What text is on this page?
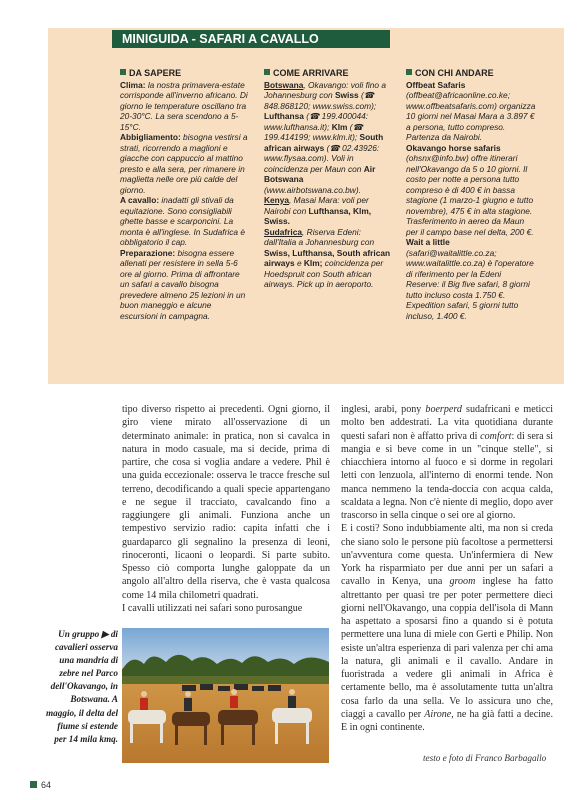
MINIGUIDA - SAFARI A CAVALLO
DA SAPERE

Clima: la nostra primavera-estate corrisponde all'inverno africano. Di giorno le temperature oscillano tra 20-30°C. La sera scendono a 5-15°C.

Abbigliamento: bisogna vestirsi a strati, ricorrendo a maglioni e giacche con cappuccio al mattino presto e alla sera, per rimanere in maglietta nelle ore più calde del giorno.

A cavallo: inadatti gli stivali da equitazione. Sono consigliabili ghette basse e scarponcini. La monta è all'inglese. In Sudafrica è obbligatorio il cap.

Preparazione: bisogna essere allenati per resistere in sella 5-6 ore al giorno. Prima di affrontare un safari a cavallo bisogna prevedere almeno 25 lezioni in un buon maneggio e alcune escursioni in campagna.

COME ARRIVARE

Botswana, Okavango: voli fino a Johannesburg con Swiss (☎ 848.868120; www.swiss.com); Lufthansa (☎ 199.400044: www.lufthansa.it); Klm (☎ 199.414199; www.klm.it); South african airways (☎ 02.43926: www.flysaa.com). Voli in coincidenza per Maun con Air Botswana (www.airbotswana.co.bw).

Kenya, Masai Mara: voli per Nairobi con Lufthansa, Klm, Swiss.

Sudafrica, Riserva Edeni: dall'Italia a Johannesburg con Swiss, Lufthansa, South african airways e Klm; coincidenza per Hoedspruit con South african airways. Pick up in aeroporto.

CON CHI ANDARE

Offbeat Safaris (offbeat@africaonline.co.ke; www.offbeatsafaris.com) organizza 10 giorni nel Masai Mara a 3.897 € a persona, tutto compreso. Partenza da Nairobi.

Okavango horse safaris (ohsnx@info.bw) offre itinerari nell'Okavango da 5 o 10 giorni. Il costo per notte a persona tutto compreso è di 400 € in bassa stagione (1 marzo-1 giugno e tutto novembre), 475 € in alta stagione. Trasferimento in aereo da Maun per il campo base nel delta, 200 €.

Wait a little (safari@waitalittle.co.za; www.waitalittle.co.za) è l'operatore di riferimento per la Edeni Reserve: il Big five safari, 8 giorni tutto incluso costa 1.750 €. Expedition safari, 5 giorni tutto incluso, 1.400 €.

tipo diverso rispetto ai precedenti. Ogni giorno, il giro viene mirato all'osservazione di un determinato animale: in pratica, non si cavalca in natura in modo casuale, ma si decide, prima di partire, che cosa si voglia andare a vedere. Phil è una guida eccezionale: osserva le tracce fresche sul terreno, decodificando a quali specie appartengano e ne segue il tracciato, cavalcando fino a raggiungere gli animali. Funziona anche un tempestivo servizio radio: capita infatti che i guardaparco gli segnalino la presenza di leoni, rinoceronti, licaoni o leopardi. Si parte subito. Spesso ciò comporta lunghe galoppate da un angolo all'altro della riserva, che è vasta qualcosa come 14 mila chilometri quadrati.

I cavalli utilizzati nei safari sono purosangue

inglesi, arabi, pony boerperd sudafricani e meticci molto ben addestrati. La vita quotidiana durante questi safari non è affatto priva di comfort: di sera si mangia e si beve come in un "cinque stelle", si chiacchiera intorno al fuoco e si dorme in regolari letti con lenzuola, all'interno di enormi tende. Non manca nemmeno la tenda-doccia con acqua calda, scaldata a legna. Non c'è niente di meglio, dopo aver trascorso in sella cinque o sei ore al giorno.

E i costi? Sono indubbiamente alti, ma non si creda che siano solo le persone più facoltose a permettersi un'avventura come questa. Un'infermiera di New York ha risparmiato per due anni per un safari a cavallo in Kenya, una groom inglese ha fatto altrettanto per quasi tre per poter permettere dieci giorni nell'Okavango, una coppia dell'isola di Mann ha aspettato a sposarsi fino a quando si è potuta permettere una luna di miele con Gerti e Philip. Non esiste un'altra esperienza di pari valenza per chi ama la natura, gli animali e il cavallo. Andare in fuoristrada a vedere gli animali in Africa è certamente bello, ma è assolutamente tutta un'altra cosa farlo da una sella. Ve lo assicura uno che, ciaggi a cavallo per Airone, ne ha già fatti a decine. E in ogni continente.

Un gruppo ▶ di cavalieri osserva una mandria di zebre nel Parco dell'Okavango, in Botswana. A maggio, il delta del fiume si estende per 14 mila kmq.
testo e foto di Franco Barbagallo
64
